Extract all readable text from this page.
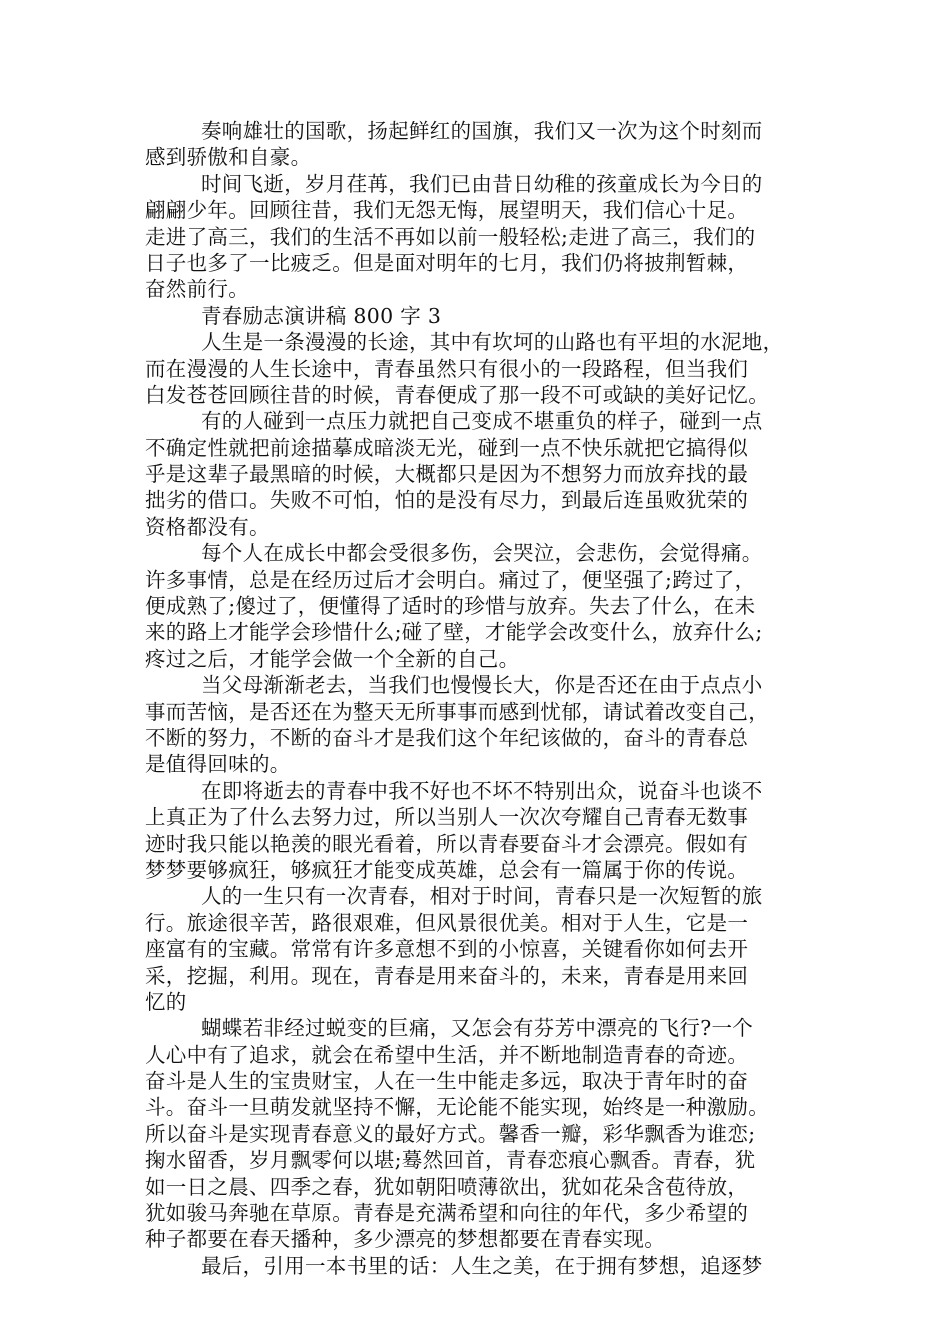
奏响雄壮的国歌，扬起鲜红的国旗，我们又一次为这个时刻而
感到骄傲和自豪。
时间飞逝，岁月荏苒，我们已由昔日幼稚的孩童成长为今日的
翩翩少年。回顾往昔，我们无怨无悔，展望明天，我们信心十足。
走进了高三，我们的生活不再如以前一般轻松;走进了高三，我们的
日子也多了一比疲乏。但是面对明年的七月，我们仍将披荆暂棘，
奋然前行。
青春励志演讲稿 800 字 3
人生是一条漫漫的长途，其中有坎坷的山路也有平坦的水泥地，
而在漫漫的人生长途中，青春虽然只有很小的一段路程，但当我们
白发苍苍回顾往昔的时候，青春便成了那一段不可或缺的美好记忆。
有的人碰到一点压力就把自己变成不堪重负的样子，碰到一点
不确定性就把前途描摹成暗淡无光，碰到一点不快乐就把它搞得似
乎是这辈子最黑暗的时候，大概都只是因为不想努力而放弃找的最
拙劣的借口。失败不可怕，怕的是没有尽力，到最后连虽败犹荣的
资格都没有。
每个人在成长中都会受很多伤，会哭泣，会悲伤，会觉得痛。
许多事情，总是在经历过后才会明白。痛过了，便坚强了;跨过了，
便成熟了;傻过了，便懂得了适时的珍惜与放弃。失去了什么，在未
来的路上才能学会珍惜什么;碰了壁，才能学会改变什么，放弃什么;
疼过之后，才能学会做一个全新的自己。
当父母渐渐老去，当我们也慢慢长大，你是否还在由于点点小
事而苦恼，是否还在为整天无所事事而感到忧郁，请试着改变自己，
不断的努力，不断的奋斗才是我们这个年纪该做的，奋斗的青春总
是值得回味的。
在即将逝去的青春中我不好也不坏不特别出众，说奋斗也谈不
上真正为了什么去努力过，所以当别人一次次夸耀自己青春无数事
迹时我只能以艳羡的眼光看着，所以青春要奋斗才会漂亮。假如有
梦梦要够疯狂，够疯狂才能变成英雄，总会有一篇属于你的传说。
人的一生只有一次青春，相对于时间，青春只是一次短暂的旅
行。旅途很辛苦，路很艰难，但风景很优美。相对于人生，它是一
座富有的宝藏。常常有许多意想不到的小惊喜，关键看你如何去开
采，挖掘，利用。现在，青春是用来奋斗的，未来，青春是用来回
忆的
蝴蝶若非经过蜕变的巨痛，又怎会有芬芳中漂亮的飞行?一个
人心中有了追求，就会在希望中生活，并不断地制造青春的奇迹。
奋斗是人生的宝贵财宝，人在一生中能走多远，取决于青年时的奋
斗。奋斗一旦萌发就坚持不懈，无论能不能实现，始终是一种激励。
所以奋斗是实现青春意义的最好方式。馨香一瓣，彩华飘香为谁恋;
掬水留香，岁月飘零何以堪;蓦然回首，青春恋痕心飘香。青春，犹
如一日之晨、四季之春，犹如朝阳喷薄欲出，犹如花朵含苞待放，
犹如骏马奔驰在草原。青春是充满希望和向往的年代，多少希望的
种子都要在春天播种，多少漂亮的梦想都要在青春实现。
最后，引用一本书里的话：人生之美，在于拥有梦想，追逐梦
